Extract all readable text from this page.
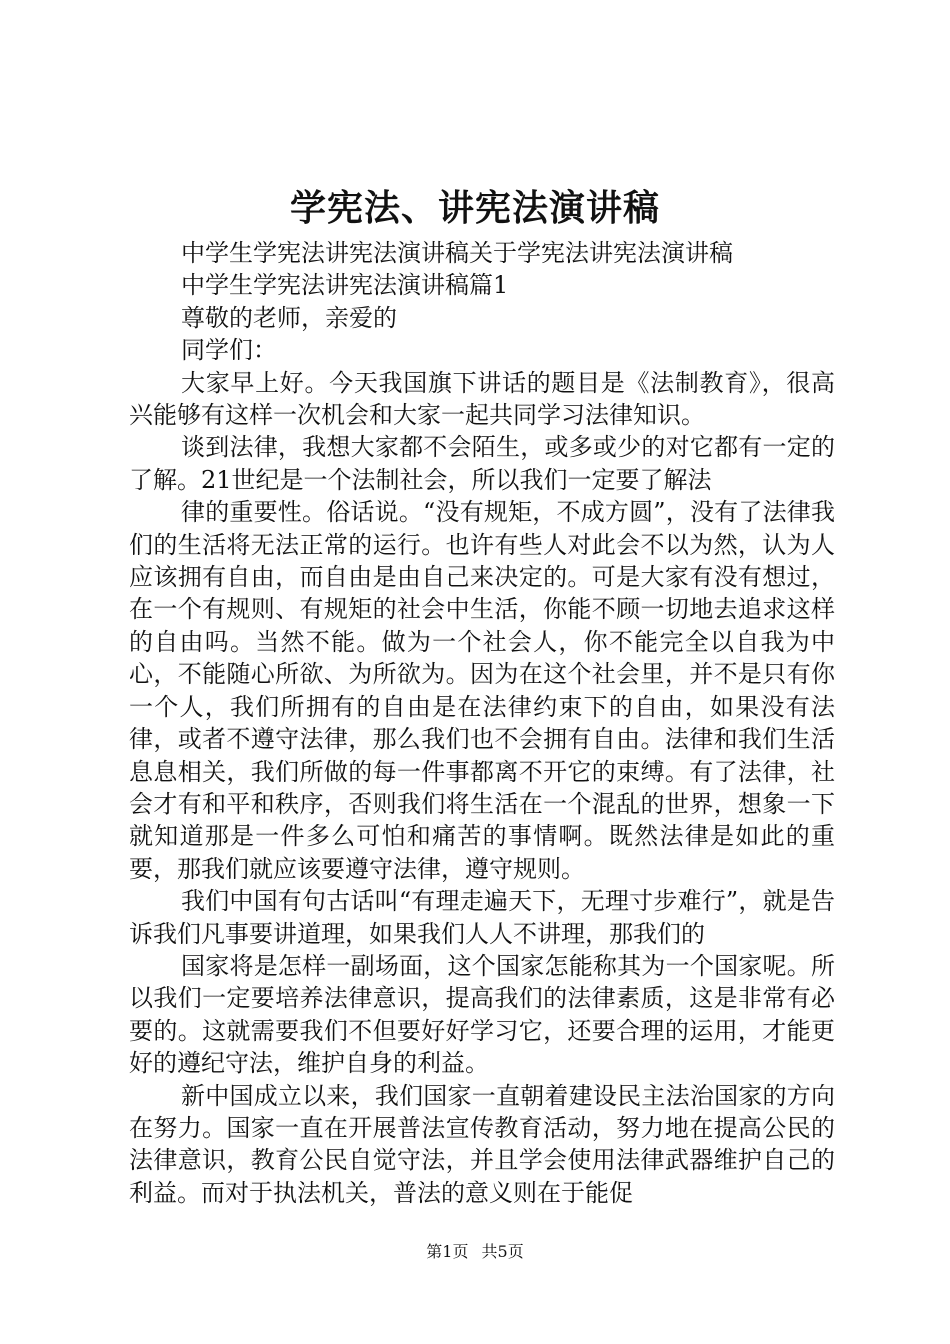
学宪法、讲宪法演讲稿

中学生学宪法讲宪法演讲稿关于学宪法讲宪法演讲稿

中学生学宪法讲宪法演讲稿篇1

尊敬的老师，亲爱的

同学们：

大家早上好。今天我国旗下讲话的题目是《法制教育》，很高兴能够有这样一次机会和大家一起共同学习法律知识。

谈到法律，我想大家都不会陌生，或多或少的对它都有一定的了解。21世纪是一个法制社会，所以我们一定要了解法

律的重要性。俗话说。“没有规矩，不成方圆”，没有了法律我们的生活将无法正常的运行。也许有些人对此会不以为然，认为人应该拥有自由，而自由是由自己来决定的。可是大家有没有想过，在一个有规则、有规矩的社会中生活，你能不顾一切地去追求这样的自由吗。当然不能。做为一个社会人，你不能完全以自我为中心，不能随心所欲、为所欲为。因为在这个社会里，并不是只有你一个人，我们所拥有的自由是在法律约束下的自由，如果没有法律，或者不遵守法律，那么我们也不会拥有自由。法律和我们生活息息相关，我们所做的每一件事都离不开它的束缚。有了法律，社会才有和平和秩序，否则我们将生活在一个混乱的世界，想象一下就知道那是一件多么可怕和痛苦的事情啊。既然法律是如此的重要，那我们就应该要遵守法律，遵守规则。

我们中国有句古话叫“有理走遍天下，无理寸步难行”，就是告诉我们凡事要讲道理，如果我们人人不讲理，那我们的

国家将是怎样一副场面，这个国家怎能称其为一个国家呢。所以我们一定要培养法律意识，提高我们的法律素质，这是非常有必要的。这就需要我们不但要好好学习它，还要合理的运用，才能更好的遵纪守法，维护自身的利益。

新中国成立以来，我们国家一直朝着建设民主法治国家的方向在努力。国家一直在开展普法宣传教育活动，努力地在提高公民的法律意识，教育公民自觉守法，并且学会使用法律武器维护自己的利益。而对于执法机关，普法的意义则在于能促

第1页 共5页
